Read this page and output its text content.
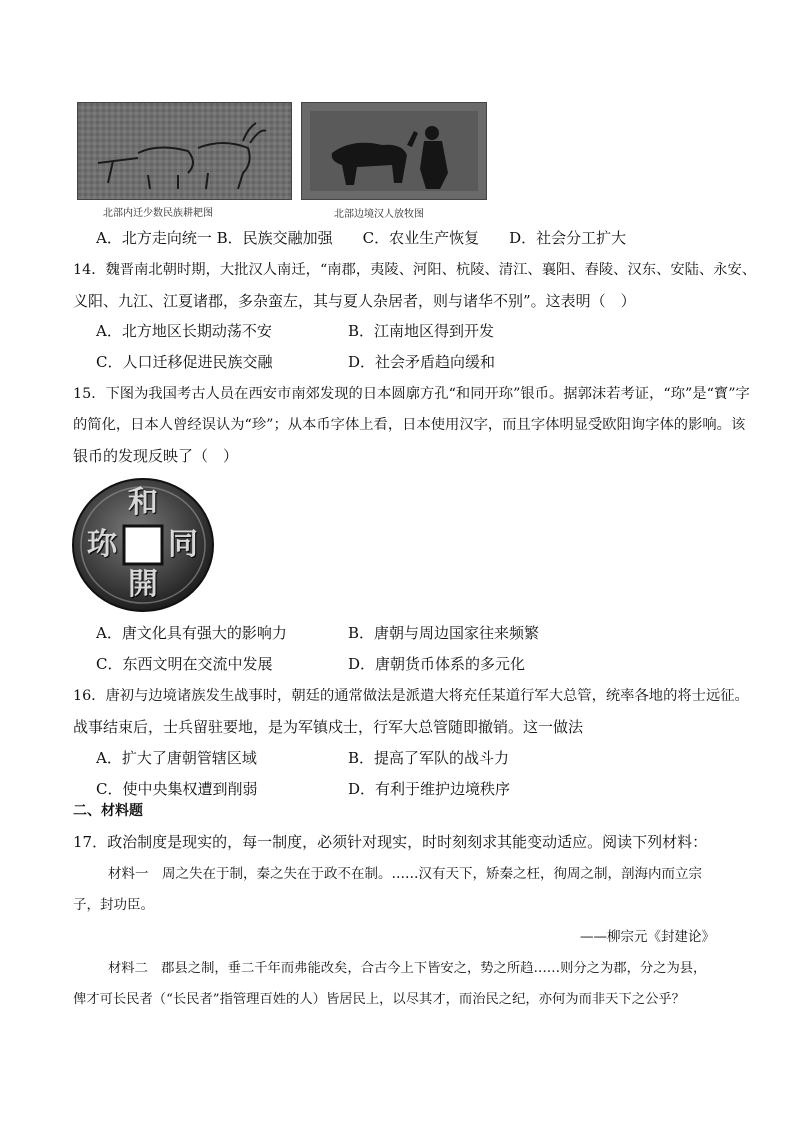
北部内迁少数民族耕耙图	北部边境汉人放牧图
A．北方走向统一 B．民族交融加强　　C．农业生产恢复　　D．社会分工扩大
14．魏晋南北朝时期，大批汉人南迁，“南郡，夷陵、河阳、杭陵、清江、襄阳、舂陵、汉东、安陆、永安、
义阳、九江、江夏诸郡，多杂蛮左，其与夏人杂居者，则与诸华不别”。这表明（　）
A．北方地区长期动荡不安	B．江南地区得到开发
C．人口迁移促进民族交融	D．社会矛盾趋向缓和
15．下图为我国考古人员在西安市南郊发现的日本圆廓方孔“和同开珎”银币。据郭沫若考证，“珎”是“寳”字
的简化，日本人曾经误认为“珍”；从本币字体上看，日本使用汉字，而且字体明显受欧阳询字体的影响。该
银币的发现反映了（　）
和
同
開
珎
A．唐文化具有强大的影响力	B．唐朝与周边国家往来频繁
C．东西文明在交流中发展	D．唐朝货币体系的多元化
16．唐初与边境诸族发生战事时，朝廷的通常做法是派遣大将充任某道行军大总管，统率各地的将士远征。
战事结束后，士兵留驻要地，是为军镇戍士，行军大总管随即撤销。这一做法
A．扩大了唐朝管辖区域	B．提高了军队的战斗力
C．使中央集权遭到削弱	D．有利于维护边境秩序
二、材料题
17．政治制度是现实的，每一制度，必须针对现实，时时刻刻求其能变动适应。阅读下列材料：
材料一　周之失在于制，秦之失在于政不在制。……汉有天下，矫秦之枉，徇周之制，剖海内而立宗
子，封功臣。
——柳宗元《封建论》
材料二　郡县之制，垂二千年而弗能改矣，合古今上下皆安之，势之所趋……则分之为郡，分之为县，
俾才可长民者（“长民者”指管理百姓的人）皆居民上，以尽其才，而治民之纪，亦何为而非天下之公乎？
